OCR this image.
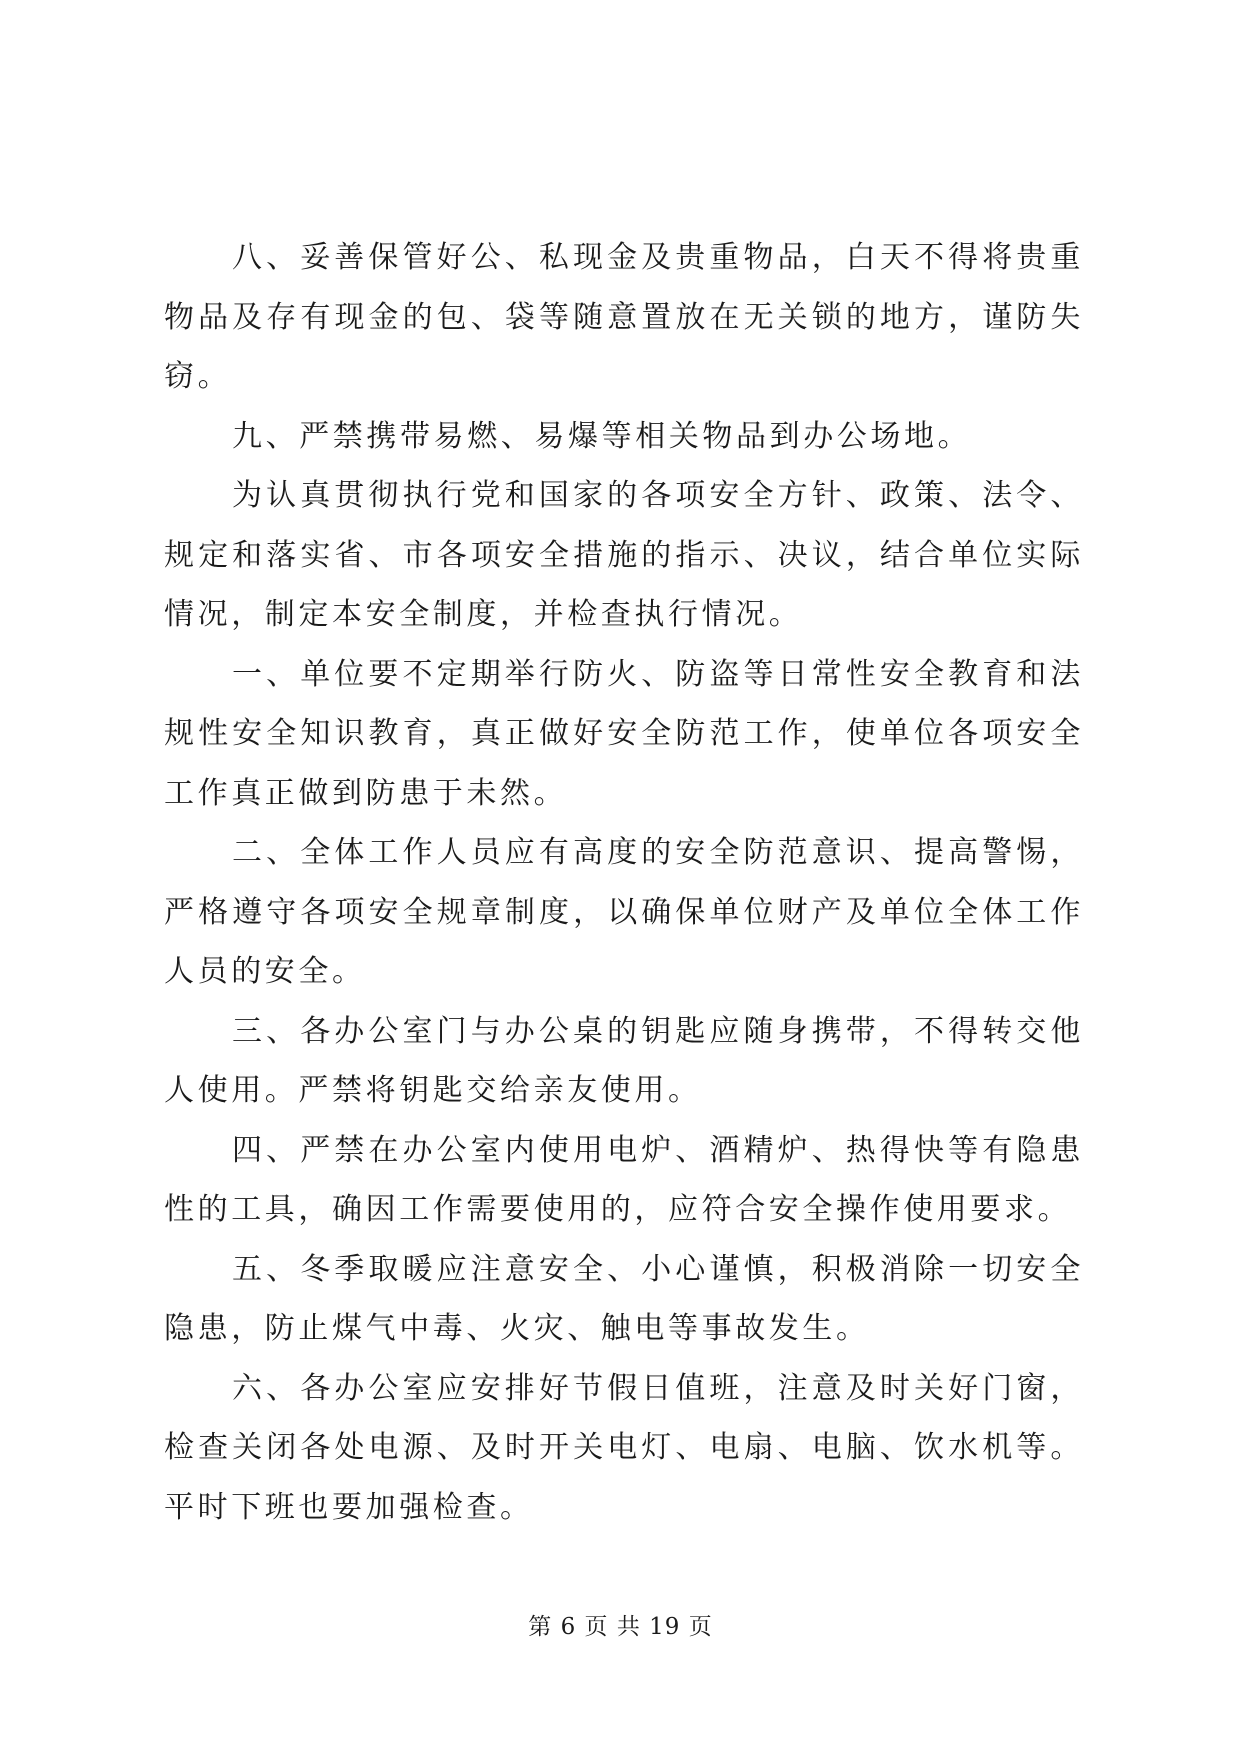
八、妥善保管好公、私现金及贵重物品，白天不得将贵重物品及存有现金的包、袋等随意置放在无关锁的地方，谨防失窃。

九、严禁携带易燃、易爆等相关物品到办公场地。

为认真贯彻执行党和国家的各项安全方针、政策、法令、规定和落实省、市各项安全措施的指示、决议，结合单位实际情况，制定本安全制度，并检查执行情况。

一、单位要不定期举行防火、防盗等日常性安全教育和法规性安全知识教育，真正做好安全防范工作，使单位各项安全工作真正做到防患于未然。

二、全体工作人员应有高度的安全防范意识、提高警惕，严格遵守各项安全规章制度，以确保单位财产及单位全体工作人员的安全。

三、各办公室门与办公桌的钥匙应随身携带，不得转交他人使用。严禁将钥匙交给亲友使用。

四、严禁在办公室内使用电炉、酒精炉、热得快等有隐患性的工具，确因工作需要使用的，应符合安全操作使用要求。

五、冬季取暖应注意安全、小心谨慎，积极消除一切安全隐患，防止煤气中毒、火灾、触电等事故发生。

六、各办公室应安排好节假日值班，注意及时关好门窗，检查关闭各处电源、及时开关电灯、电扇、电脑、饮水机等。平时下班也要加强检查。

第 6 页 共 19 页
